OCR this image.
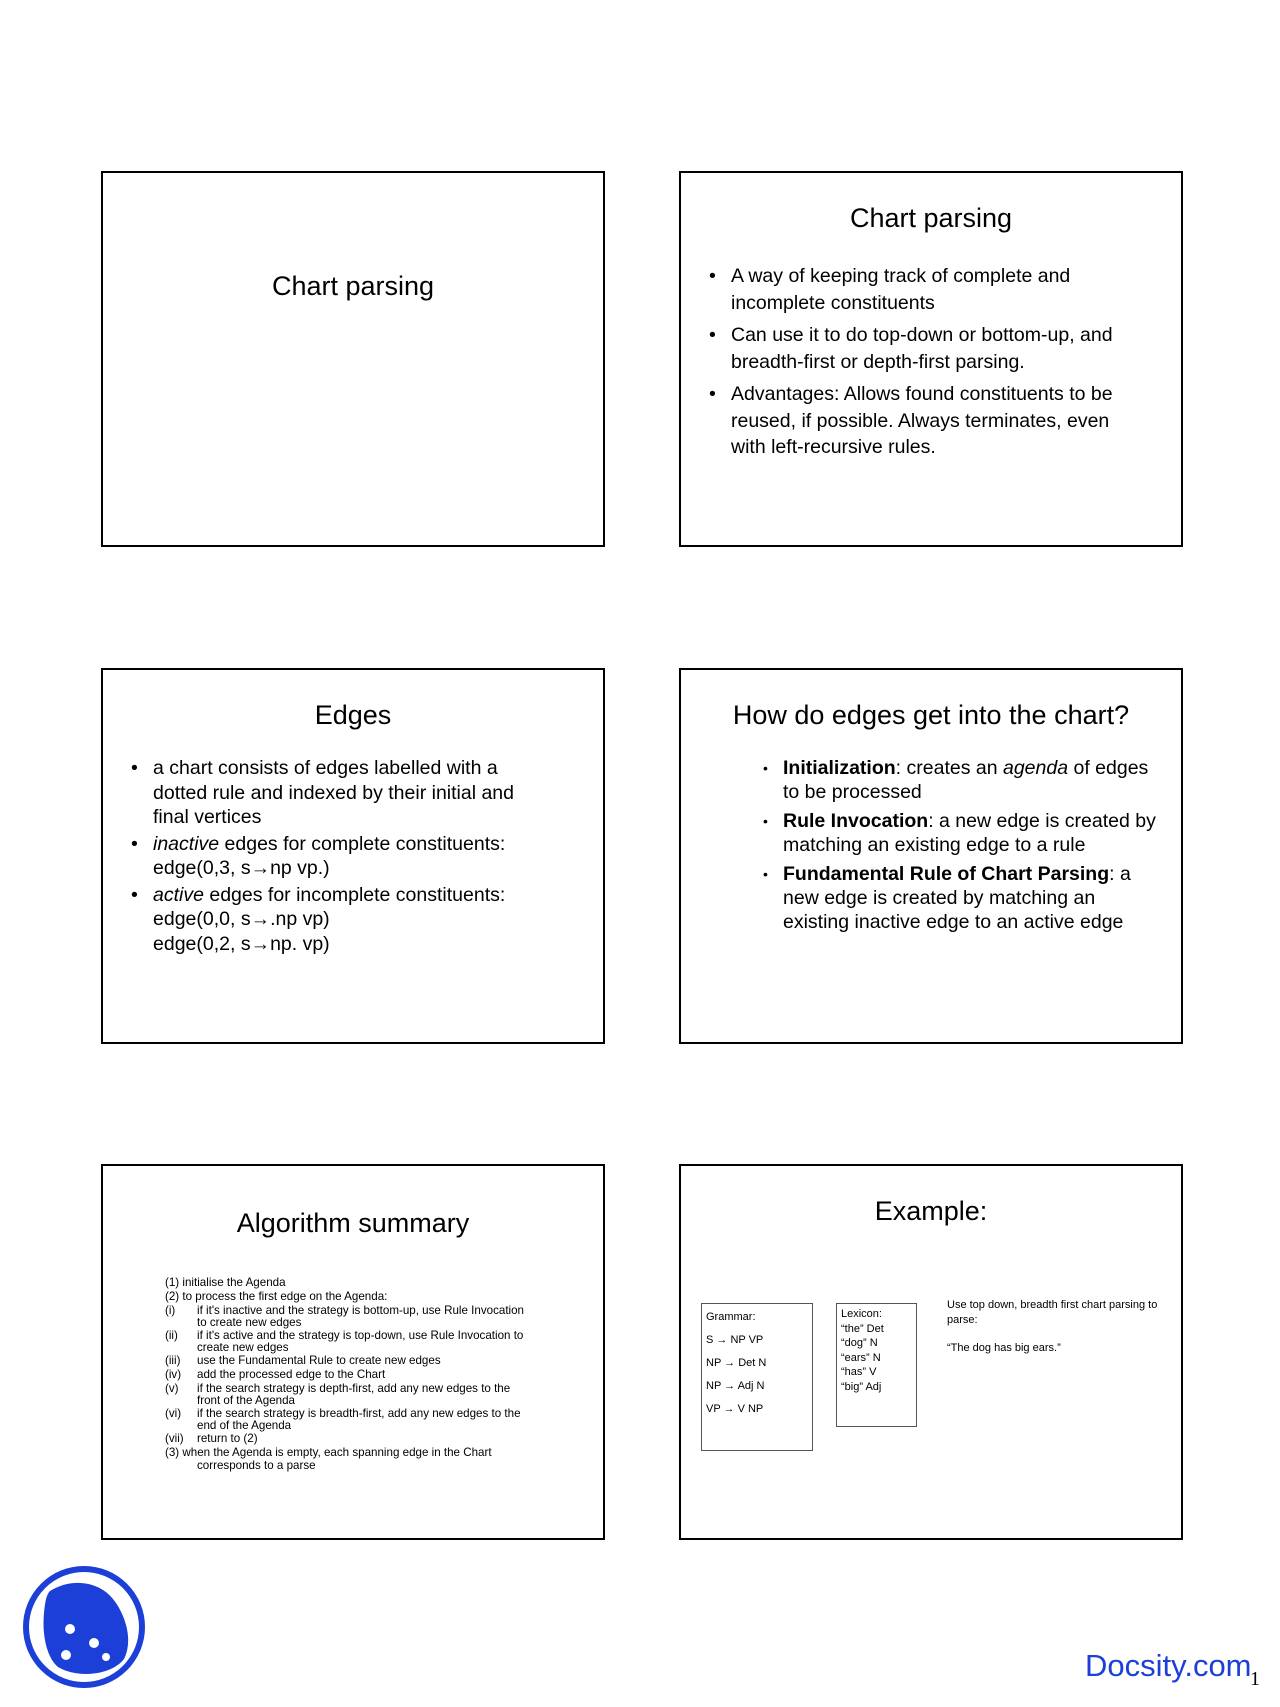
Chart parsing
Chart parsing
• A way of keeping track of complete and
incomplete constituents
• Can use it to do top-down or bottom-up, and
breadth-first or depth-first parsing.
• Advantages: Allows found constituents to be
reused, if possible. Always terminates, even
with left-recursive rules.
Edges
• a chart consists of edges labelled with a
dotted rule and indexed by their initial and
final vertices
• inactive edges for complete constituents:
edge(0,3, s→np vp.)
• active edges for incomplete constituents:
edge(0,0, s→.np vp)
edge(0,2, s→np. vp)
How do edges get into the chart?
• Initialization: creates an agenda of edges
to be processed
• Rule Invocation: a new edge is created by
matching an existing edge to a rule
• Fundamental Rule of Chart Parsing: a
new edge is created by matching an
existing inactive edge to an active edge
Algorithm summary
(1) initialise the Agenda
(2) to process the first edge on the Agenda:
(i)	if it's inactive and the strategy is bottom-up, use Rule Invocation
to create new edges
(ii)	if it's active and the strategy is top-down, use Rule Invocation to
create new edges
(iii)	use the Fundamental Rule to create new edges
(iv)	add the processed edge to the Chart
(v)	if the search strategy is depth-first, add any new edges to the
front of the Agenda
(vi)	if the search strategy is breadth-first, add any new edges to the
end of the Agenda
(vii)	return to (2)
(3) when the Agenda is empty, each spanning edge in the Chart
corresponds to a parse
Example:
Grammar:
S → NP VP
NP → Det N
NP → Adj N
VP → V NP
Lexicon:
“the” Det
“dog” N
“ears” N
“has” V
“big” Adj
Use top down, breadth first chart parsing to parse:
“The dog has big ears.”
Docsity.com
1
